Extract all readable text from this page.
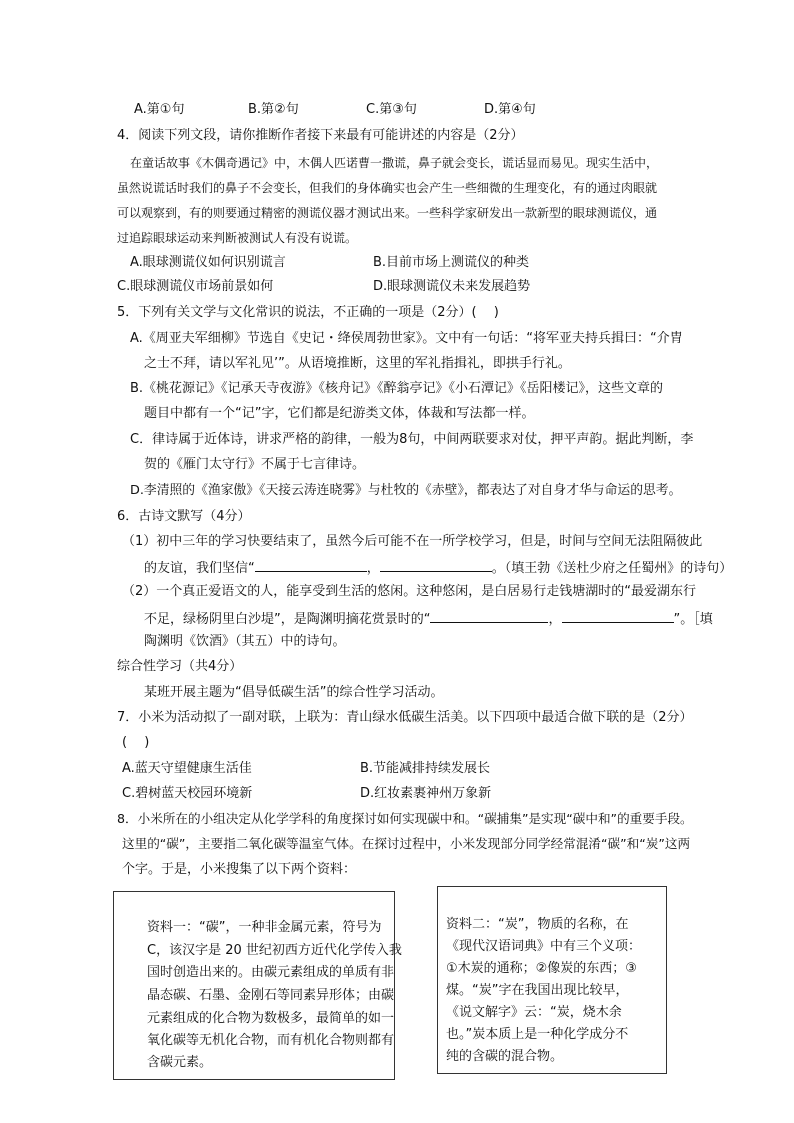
A.第①句	B.第②句	C.第③句	D.第④句
4．阅读下列文段，请你推断作者接下来最有可能讲述的内容是（2分）
在童话故事《木偶奇遇记》中，木偶人匹诺曹一撒谎，鼻子就会变长，谎话显而易见。现实生活中，
虽然说谎话时我们的鼻子不会变长，但我们的身体确实也会产生一些细微的生理变化，有的通过肉眼就
可以观察到，有的则要通过精密的测谎仪器才测试出来。一些科学家研发出一款新型的眼球测谎仪，通
过追踪眼球运动来判断被测试人有没有说谎。
A.眼球测谎仪如何识别谎言	B.目前市场上测谎仪的种类
C.眼球测谎仪市场前景如何	D.眼球测谎仪未来发展趋势
5．下列有关文学与文化常识的说法，不正确的一项是（2分）(　 )
A.《周亚夫军细柳》节选自《史记・绛侯周勃世家》。文中有一句话：“将军亚夫持兵揖曰：“介胄
之士不拜，请以军礼见’”。从语境推断，这里的军礼指揖礼，即拱手行礼。
B.《桃花源记》《记承天寺夜游》《核舟记》《醉翁亭记》《小石潭记》《岳阳楼记》，这些文章的
题目中都有一个“记”字，它们都是纪游类文体，体裁和写法都一样。
C．律诗属于近体诗，讲求严格的韵律，一般为8句，中间两联要求对仗，押平声韵。据此判断，李
贺的《雁门太守行》不属于七言律诗。
D.李清照的《渔家傲》《天接云涛连晓雾》与杜牧的《赤壁》，都表达了对自身才华与命运的思考。
6．古诗文默写（4分）
（1）初中三年的学习快要结束了，虽然今后可能不在一所学校学习，但是，时间与空间无法阻隔彼此
的友谊，我们坚信“	，	。（填王勃《送杜少府之任蜀州》的诗句）
（2）一个真正爱语文的人，能享受到生活的悠闲。这种悠闲，是白居易行走钱塘湖时的“最爱湖东行
不足，绿杨阴里白沙堤”，是陶渊明摘花赏景时的“	，	”。［填
陶渊明《饮酒》（其五）中的诗句。
综合性学习（共4分）
某班开展主题为“倡导低碳生活”的综合性学习活动。
7．小米为活动拟了一副对联，上联为：青山绿水低碳生活美。以下四项中最适合做下联的是（2分）
(　 )
A.蓝天守望健康生活佳	B.节能减排持续发展长
C.碧树蓝天校园环境新	D.红妆素裹神州万象新
8．小米所在的小组决定从化学学科的角度探讨如何实现碳中和。“碳捕集”是实现“碳中和”的重要手段。
这里的“碳”，主要指二氧化碳等温室气体。在探讨过程中，小米发现部分同学经常混淆“碳”和“炭”这两
个字。于是，小米搜集了以下两个资料：

资料一：“碳”，一种非金属元素，符号为

C，该汉字是 20 世纪初西方近代化学传入我

国时创造出来的。由碳元素组成的单质有非

晶态碳、石墨、金刚石等同素异形体；由碳

元素组成的化合物为数极多，最简单的如一

氧化碳等无机化合物，而有机化合物则都有

含碳元素。

资料二：“炭”，物质的名称，在

《现代汉语词典》中有三个义项：

①木炭的通称；②像炭的东西；③

煤。“炭”字在我国出现比较早，

《说文解字》云：“炭，烧木余

也。”炭本质上是一种化学成分不

纯的含碳的混合物。
